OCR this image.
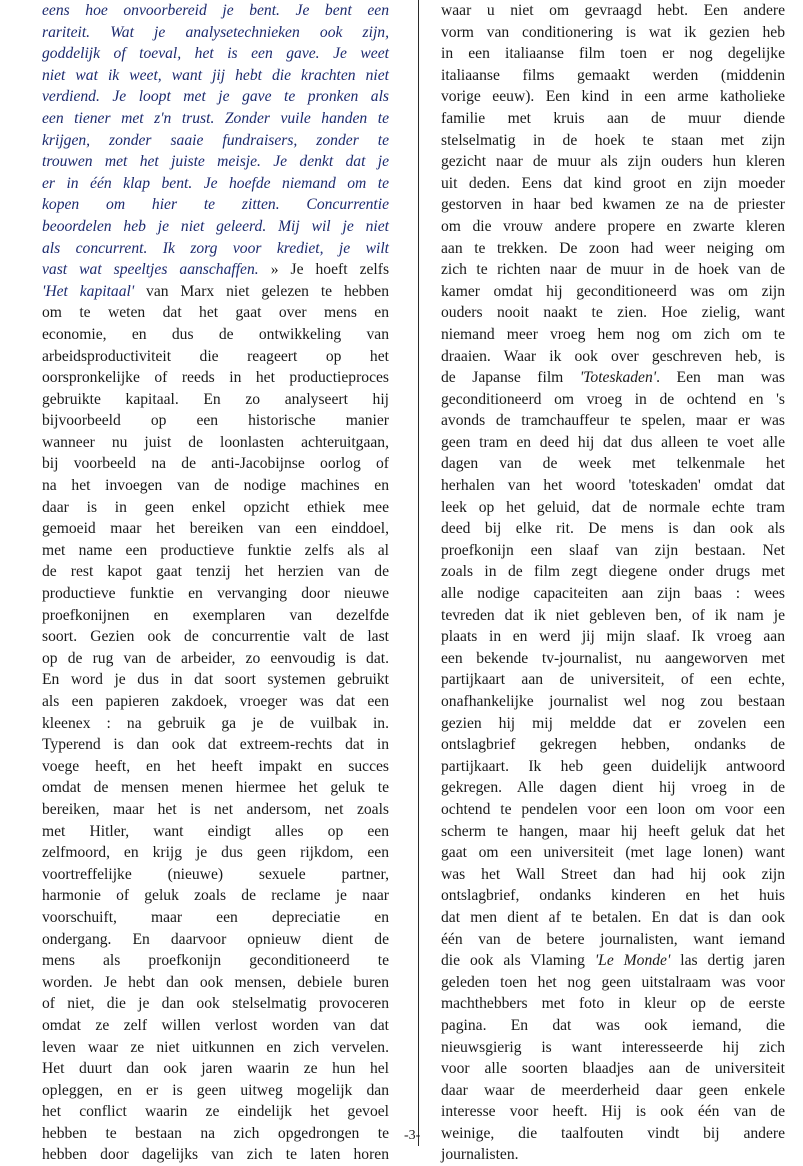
eens hoe onvoorbereid je bent. Je bent een
rariteit. Wat je analysetechnieken ook zijn,
goddelijk of toeval, het is een gave. Je weet
niet wat ik weet, want jij hebt die krachten niet
verdiend. Je loopt met je gave te pronken als
een tiener met z'n trust. Zonder vuile handen te
krijgen, zonder saaie fundraisers, zonder te
trouwen met het juiste meisje. Je denkt dat je
er in één klap bent. Je hoefde niemand om te
kopen om hier te zitten. Concurrentie
beoordelen heb je niet geleerd. Mij wil je niet
als concurrent. Ik zorg voor krediet, je wilt
vast wat speeltjes aanschaffen. » Je hoeft zelfs
'Het kapitaal' van Marx niet gelezen te hebben
om te weten dat het gaat over mens en
economie, en dus de ontwikkeling van
arbeidsproductiviteit die reageert op het
oorspronkelijke of reeds in het productieproces
gebruikte kapitaal. En zo analyseert hij
bijvoorbeeld op een historische manier
wanneer nu juist de loonlasten achteruitgaan,
bij voorbeeld na de anti-Jacobijnse oorlog of
na het invoegen van de nodige machines en
daar is in geen enkel opzicht ethiek mee
gemoeid maar het bereiken van een einddoel,
met name een productieve funktie zelfs als al
de rest kapot gaat tenzij het herzien van de
productieve funktie en vervanging door nieuwe
proefkonijnen en exemplaren van dezelfde
soort. Gezien ook de concurrentie valt de last
op de rug van de arbeider, zo eenvoudig is dat.
En word je dus in dat soort systemen gebruikt
als een papieren zakdoek, vroeger was dat een
kleenex : na gebruik ga je de vuilbak in.
Typerend is dan ook dat extreem-rechts dat in
voege heeft, en het heeft impakt en succes
omdat de mensen menen hiermee het geluk te
bereiken, maar het is net andersom, net zoals
met Hitler, want eindigt alles op een
zelfmoord, en krijg je dus geen rijkdom, een
voortreffelijke (nieuwe) sexuele partner,
harmonie of geluk zoals de reclame je naar
voorschuift, maar een depreciatie en
ondergang. En daarvoor opnieuw dient de
mens als proefkonijn geconditioneerd te
worden. Je hebt dan ook mensen, debiele buren
of niet, die je dan ook stelselmatig provoceren
omdat ze zelf willen verlost worden van dat
leven waar ze niet uitkunnen en zich vervelen.
Het duurt dan ook jaren waarin ze hun hel
opleggen, en er is geen uitweg mogelijk dan
het conflict waarin ze eindelijk het gevoel
hebben te bestaan na zich opgedrongen te
hebben door dagelijks van zich te laten horen
waar u niet om gevraagd hebt. Een andere
vorm van conditionering is wat ik gezien heb
in een italiaanse film toen er nog degelijke
italiaanse films gemaakt werden (middenin
vorige eeuw). Een kind in een arme katholieke
familie met kruis aan de muur diende
stelselmatig in de hoek te staan met zijn
gezicht naar de muur als zijn ouders hun kleren
uit deden. Eens dat kind groot en zijn moeder
gestorven in haar bed kwamen ze na de priester
om die vrouw andere propere en zwarte kleren
aan te trekken. De zoon had weer neiging om
zich te richten naar de muur in de hoek van de
kamer omdat hij geconditioneerd was om zijn
ouders nooit naakt te zien. Hoe zielig, want
niemand meer vroeg hem nog om zich om te
draaien. Waar ik ook over geschreven heb, is
de Japanse film 'Toteskaden'. Een man was
geconditioneerd om vroeg in de ochtend en 's
avonds de tramchauffeur te spelen, maar er was
geen tram en deed hij dat dus alleen te voet alle
dagen van de week met telkenmale het
herhalen van het woord 'toteskaden' omdat dat
leek op het geluid, dat de normale echte tram
deed bij elke rit. De mens is dan ook als
proefkonijn een slaaf van zijn bestaan. Net
zoals in de film zegt diegene onder drugs met
alle nodige capaciteiten aan zijn baas : wees
tevreden dat ik niet gebleven ben, of ik nam je
plaats in en werd jij mijn slaaf. Ik vroeg aan
een bekende tv-journalist, nu aangeworven met
partijkaart aan de universiteit, of een echte,
onafhankelijke journalist wel nog zou bestaan
gezien hij mij meldde dat er zovelen een
ontslagbrief gekregen hebben, ondanks de
partijkaart. Ik heb geen duidelijk antwoord
gekregen. Alle dagen dient hij vroeg in de
ochtend te pendelen voor een loon om voor een
scherm te hangen, maar hij heeft geluk dat het
gaat om een universiteit (met lage lonen) want
was het Wall Street dan had hij ook zijn
ontslagbrief, ondanks kinderen en het huis
dat men dient af te betalen. En dat is dan ook
één van de betere journalisten, want iemand
die ook als Vlaming 'Le Monde' las dertig jaren
geleden toen het nog geen uitstalraam was voor
machthebbers met foto in kleur op de eerste
pagina. En dat was ook iemand, die
nieuwsgierig is want interesseerde hij zich
voor alle soorten blaadjes aan de universiteit
daar waar de meerderheid daar geen enkele
interesse voor heeft. Hij is ook één van de
weinige, die taalfouten vindt bij andere
journalisten.
-3-
